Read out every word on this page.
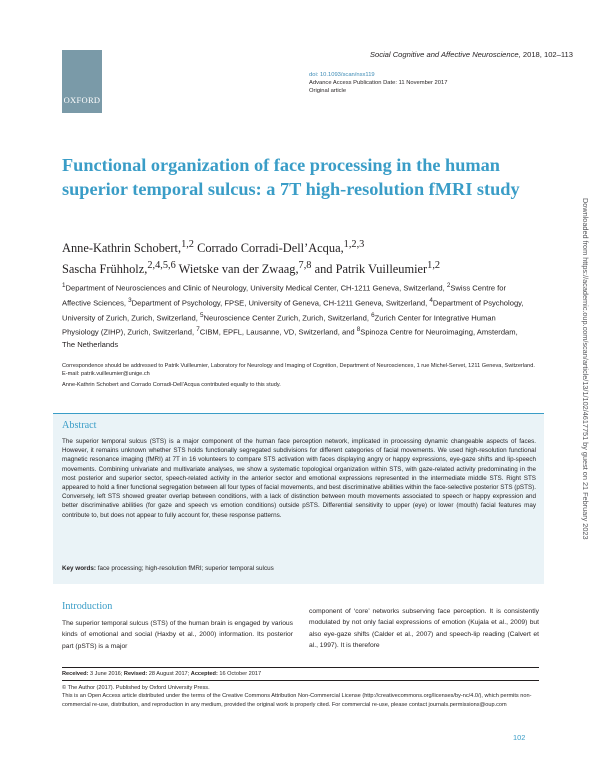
OXFORD
Social Cognitive and Affective Neuroscience, 2018, 102–113
doi: 10.1093/scan/nsx119
Advance Access Publication Date: 11 November 2017
Original article
Functional organization of face processing in the human superior temporal sulcus: a 7T high-resolution fMRI study
Anne-Kathrin Schobert,$^{1,2}$ Corrado Corradi-Dell’Acqua,$^{1,2,3}$
Sascha Frühholz,$^{2,4,5,6}$ Wietske van der Zwaag,$^{7,8}$ and Patrik Vuilleumier$^{1,2}$
$^1$Department of Neurosciences and Clinic of Neurology, University Medical Center, CH-1211 Geneva, Switzerland, $^2$Swiss Centre for Affective Sciences, $^3$Department of Psychology, FPSE, University of Geneva, CH-1211 Geneva, Switzerland, $^4$Department of Psychology, University of Zurich, Zurich, Switzerland, $^5$Neuroscience Center Zurich, Zurich, Switzerland, $^6$Zurich Center for Integrative Human Physiology (ZIHP), Zurich, Switzerland, $^7$CIBM, EPFL, Lausanne, VD, Switzerland, and $^8$Spinoza Centre for Neuroimaging, Amsterdam, The Netherlands
Correspondence should be addressed to Patrik Vuilleumier, Laboratory for Neurology and Imaging of Cognition, Department of Neurosciences, 1 rue Michel-Servet, 1211 Geneva, Switzerland. E-mail: patrik.vuilleumier@unige.ch
Anne-Kathrin Schobert and Corrado Corradi-Dell’Acqua contributed equally to this study.
Abstract

The superior temporal sulcus (STS) is a major component of the human face perception network, implicated in processing dynamic changeable aspects of faces. However, it remains unknown whether STS holds functionally segregated subdivisions for different categories of facial movements. We used high-resolution functional magnetic resonance imaging (fMRI) at 7T in 16 volunteers to compare STS activation with faces displaying angry or happy expressions, eye-gaze shifts and lip-speech movements. Combining univariate and multivariate analyses, we show a systematic topological organization within STS, with gaze-related activity predominating in the most posterior and superior sector, speech-related activity in the anterior sector and emotional expressions represented in the intermediate middle STS. Right STS appeared to hold a finer functional segregation between all four types of facial movements, and best discriminative abilities within the face-selective posterior STS (pSTS). Conversely, left STS showed greater overlap between conditions, with a lack of distinction between mouth movements associated to speech or happy expression and better discriminative abilities (for gaze and speech vs emotion conditions) outside pSTS. Differential sensitivity to upper (eye) or lower (mouth) facial features may contribute to, but does not appear to fully account for, these response patterns.

Key words: face processing; high-resolution fMRI; superior temporal sulcus
Introduction

The superior temporal sulcus (STS) of the human brain is engaged by various kinds of emotional and social (Haxby et al., 2000) information. Its posterior part (pSTS) is a major

component of ‘core’ networks subserving face perception. It is consistently modulated by not only facial expressions of emotion (Kujala et al., 2009) but also eye-gaze shifts (Calder et al., 2007) and speech-lip reading (Calvert et al., 1997). It is therefore

Received: 3 June 2016; Revised: 28 August 2017; Accepted: 16 October 2017
© The Author (2017). Published by Oxford University Press.
This is an Open Access article distributed under the terms of the Creative Commons Attribution Non-Commercial License (http://creativecommons.org/licenses/by-nc/4.0/), which permits non-commercial re-use, distribution, and reproduction in any medium, provided the original work is properly cited. For commercial re-use, please contact journals.permissions@oup.com
102
Downloaded from https://academic.oup.com/scan/article/13/1/102/4617751 by guest on 21 February 2023
